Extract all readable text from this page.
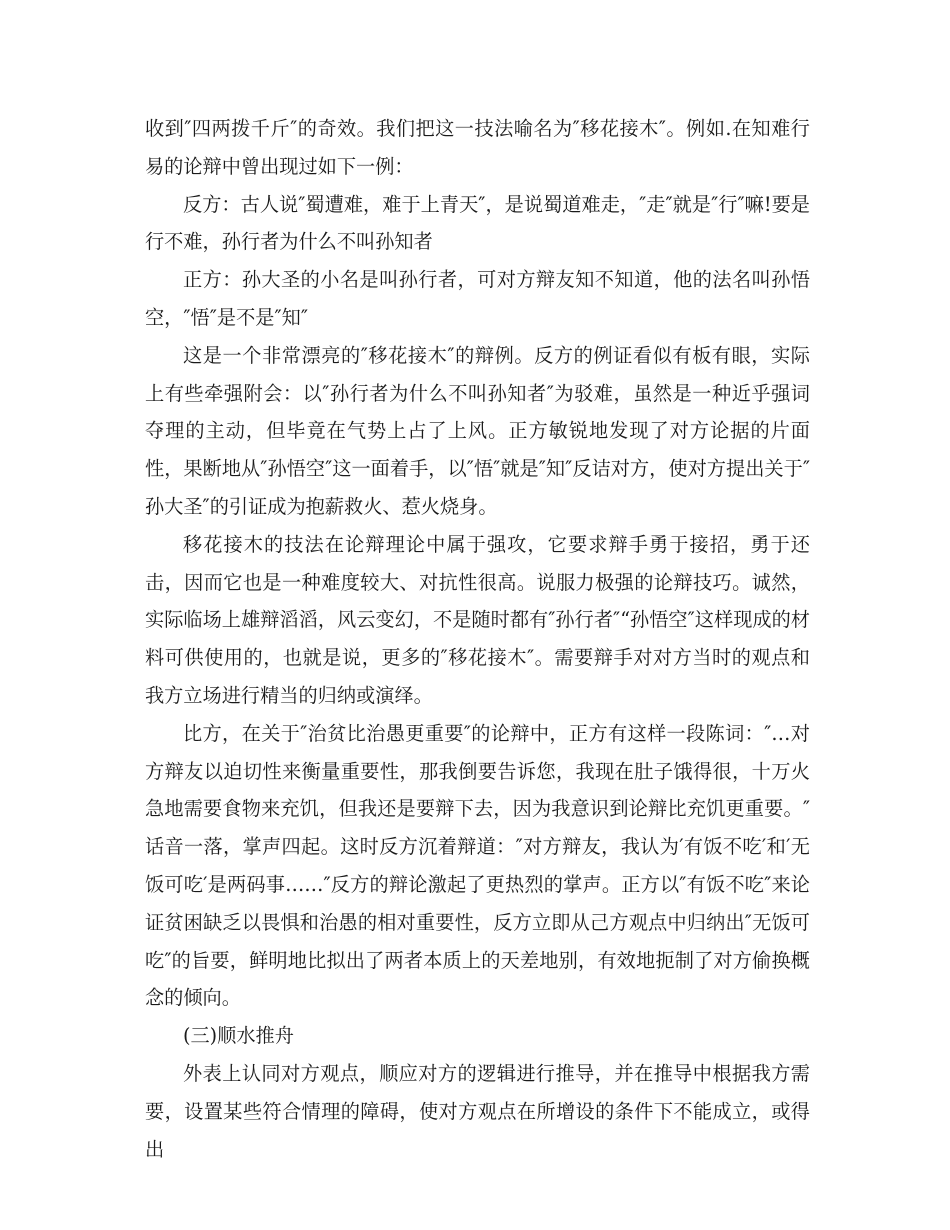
收到″四两拨千斤″的奇效。我们把这一技法喻名为″移花接木″。例如.在知难行易的论辩中曾出现过如下一例：

反方：古人说″蜀遭难，难于上青天″，是说蜀道难走，″走″就是″行″嘛!要是行不难，孙行者为什么不叫孙知者

正方：孙大圣的小名是叫孙行者，可对方辩友知不知道，他的法名叫孙悟空，″悟″是不是″知″

这是一个非常漂亮的″移花接木″的辩例。反方的例证看似有板有眼，实际上有些牵强附会：以″孙行者为什么不叫孙知者″为驳难，虽然是一种近乎强词夺理的主动，但毕竟在气势上占了上风。正方敏锐地发现了对方论据的片面性，果断地从″孙悟空″这一面着手，以″悟″就是″知″反诘对方，使对方提出关于″孙大圣″的引证成为抱薪救火、惹火烧身。

移花接木的技法在论辩理论中属于强攻，它要求辩手勇于接招，勇于还击，因而它也是一种难度较大、对抗性很高。说服力极强的论辩技巧。诚然，实际临场上雄辩滔滔，风云变幻，不是随时都有″孙行者″“孙悟空″这样现成的材料可供使用的，也就是说，更多的″移花接木″。需要辩手对对方当时的观点和我方立场进行精当的归纳或演绎。

比方，在关于″治贫比治愚更重要″的论辩中，正方有这样一段陈词：″…对方辩友以迫切性来衡量重要性，那我倒要告诉您，我现在肚子饿得很，十万火急地需要食物来充饥，但我还是要辩下去，因为我意识到论辩比充饥更重要。″话音一落，掌声四起。这时反方沉着辩道：″对方辩友，我认为′有饭不吃′和′无饭可吃′是两码事……″反方的辩论激起了更热烈的掌声。正方以″有饭不吃″来论证贫困缺乏以畏惧和治愚的相对重要性，反方立即从己方观点中归纳出″无饭可吃″的旨要，鲜明地比拟出了两者本质上的天差地别，有效地扼制了对方偷换概念的倾向。

(三)顺水推舟

外表上认同对方观点，顺应对方的逻辑进行推导，并在推导中根据我方需要，设置某些符合情理的障碍，使对方观点在所增设的条件下不能成立，或得出
